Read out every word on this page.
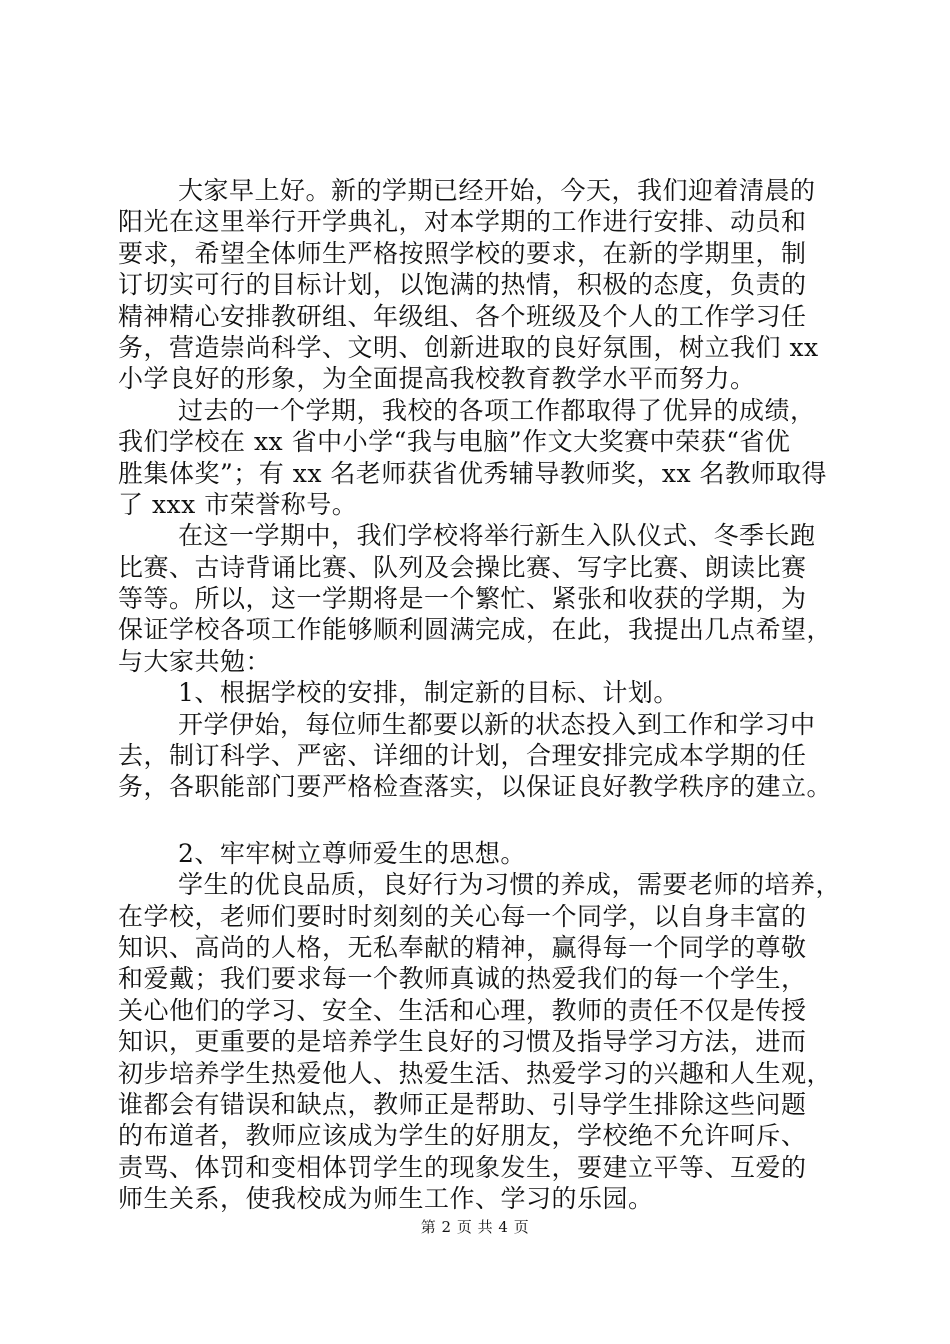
大家早上好。新的学期已经开始，今天，我们迎着清晨的
阳光在这里举行开学典礼，对本学期的工作进行安排、动员和
要求，希望全体师生严格按照学校的要求，在新的学期里，制
订切实可行的目标计划，以饱满的热情，积极的态度，负责的
精神精心安排教研组、年级组、各个班级及个人的工作学习任
务，营造崇尚科学、文明、创新进取的良好氛围，树立我们 xx
小学良好的形象，为全面提高我校教育教学水平而努力。
过去的一个学期，我校的各项工作都取得了优异的成绩，
我们学校在 xx 省中小学“我与电脑”作文大奖赛中荣获“省优
胜集体奖”；有 xx 名老师获省优秀辅导教师奖，xx 名教师取得
了 xxx 市荣誉称号。
在这一学期中，我们学校将举行新生入队仪式、冬季长跑
比赛、古诗背诵比赛、队列及会操比赛、写字比赛、朗读比赛
等等。所以，这一学期将是一个繁忙、紧张和收获的学期，为
保证学校各项工作能够顺利圆满完成，在此，我提出几点希望，
与大家共勉：
1、根据学校的安排，制定新的目标、计划。
开学伊始，每位师生都要以新的状态投入到工作和学习中
去，制订科学、严密、详细的计划，合理安排完成本学期的任
务，各职能部门要严格检查落实，以保证良好教学秩序的建立。
2、牢牢树立尊师爱生的思想。
学生的优良品质，良好行为习惯的养成，需要老师的培养，
在学校，老师们要时时刻刻的关心每一个同学，以自身丰富的
知识、高尚的人格，无私奉献的精神，赢得每一个同学的尊敬
和爱戴；我们要求每一个教师真诚的热爱我们的每一个学生，
关心他们的学习、安全、生活和心理，教师的责任不仅是传授
知识，更重要的是培养学生良好的习惯及指导学习方法，进而
初步培养学生热爱他人、热爱生活、热爱学习的兴趣和人生观，
谁都会有错误和缺点，教师正是帮助、引导学生排除这些问题
的布道者，教师应该成为学生的好朋友，学校绝不允许呵斥、
责骂、体罚和变相体罚学生的现象发生，要建立平等、互爱的
师生关系，使我校成为师生工作、学习的乐园。
第 2 页 共 4 页
